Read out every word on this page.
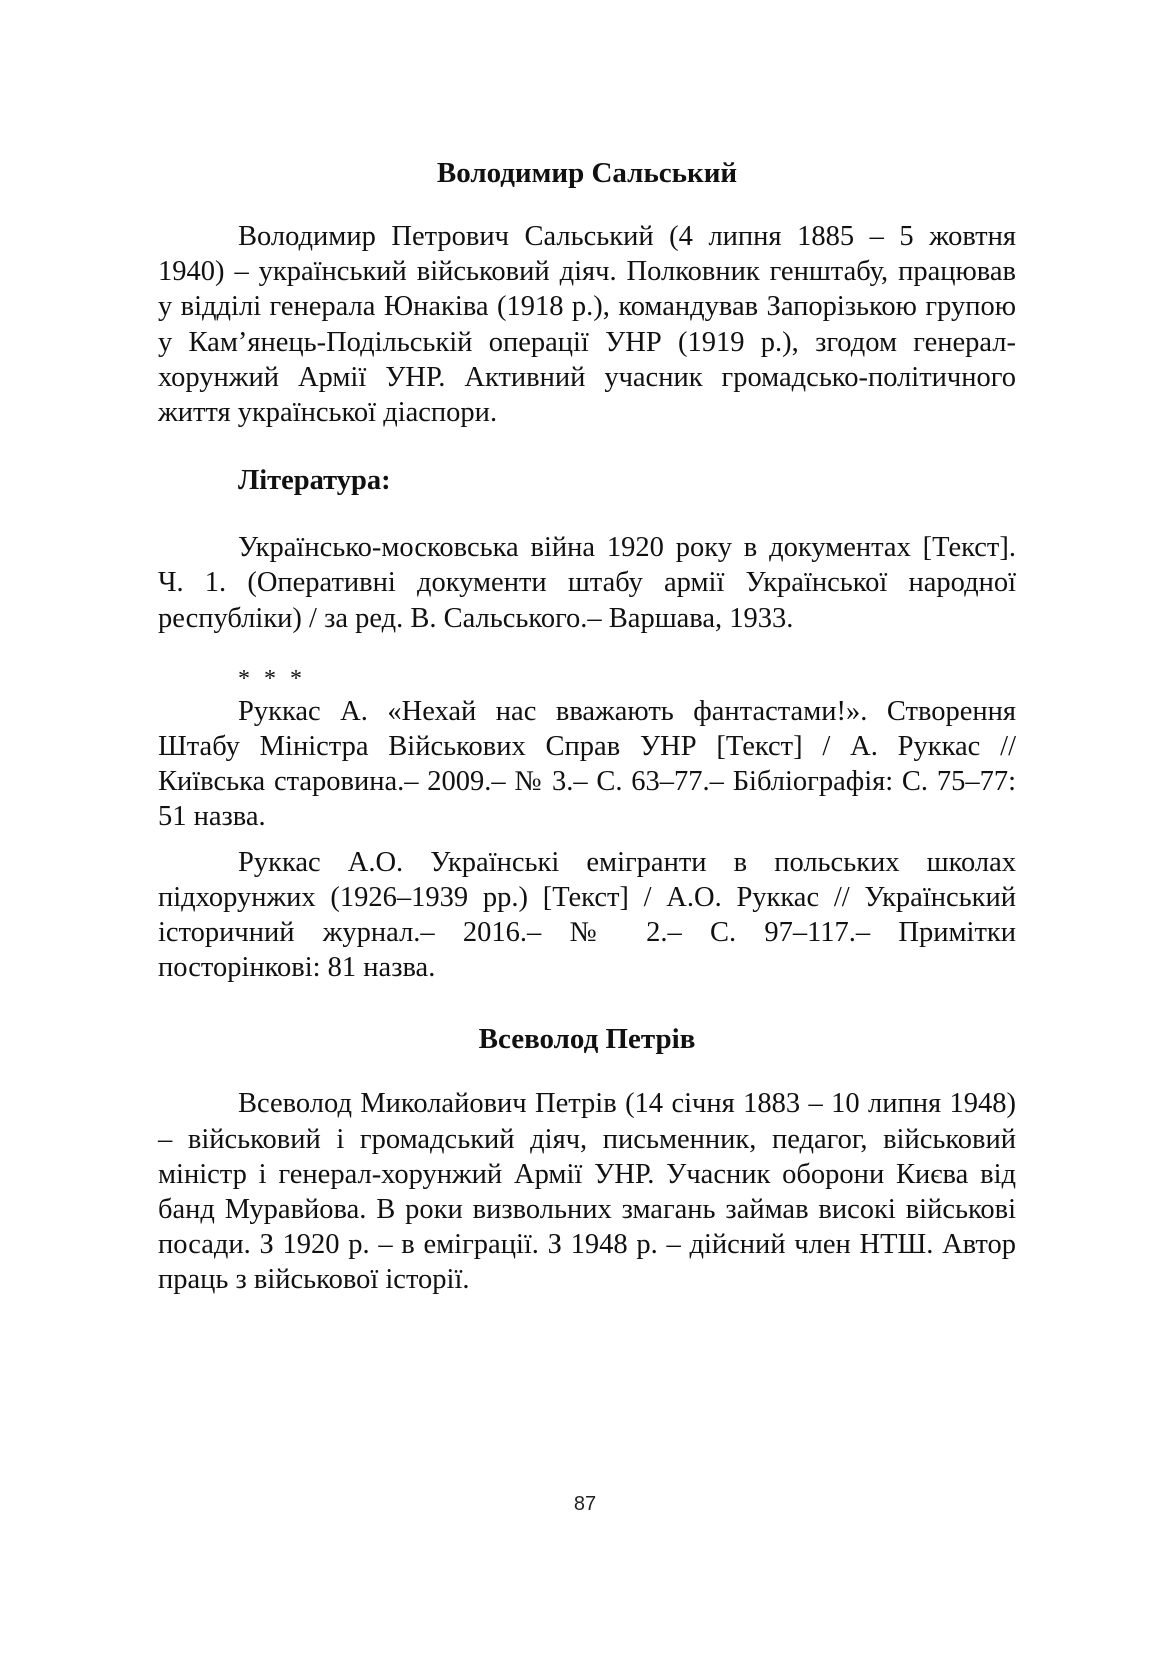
Володимир Сальський

Володимир Петрович Сальський (4 липня 1885 – 5 жовтня 1940) – український військовий діяч. Полковник генштабу, працював у відділі генерала Юнаківа (1918 р.), командував Запорізькою групою у Кам’янець-Подільській операції УНР (1919 р.), згодом генерал-хорунжий Армії УНР. Активний учасник громадсько-політичного життя української діаспори.

Література:

Українсько-московська війна 1920 року в документах [Текст]. Ч. 1. (Оперативні документи штабу армії Української народної республіки) / за ред. В. Сальського.– Варшава, 1933.

* * *

Руккас А. «Нехай нас вважають фантастами!». Створення Штабу Міністра Військових Справ УНР [Текст] / А. Руккас // Київська старовина.– 2009.– № 3.– С. 63–77.– Бібліографія: С. 75–77: 51 назва.

Руккас А.О. Українські емігранти в польських школах підхорунжих (1926–1939 рр.) [Текст] / А.О. Руккас // Український історичний журнал.– 2016.– № 2.– С. 97–117.– Примітки посторінкові: 81 назва.

Всеволод Петрів

Всеволод Миколайович Петрів (14 січня 1883 – 10 липня 1948) – військовий і громадський діяч, письменник, педагог, військовий міністр і генерал-хорунжий Армії УНР. Учасник оборони Києва від банд Муравйова. В роки визвольних змагань займав високі військові посади. З 1920 р. – в еміграції. З 1948 р. – дійсний член НТШ. Автор праць з військової історії.

87
